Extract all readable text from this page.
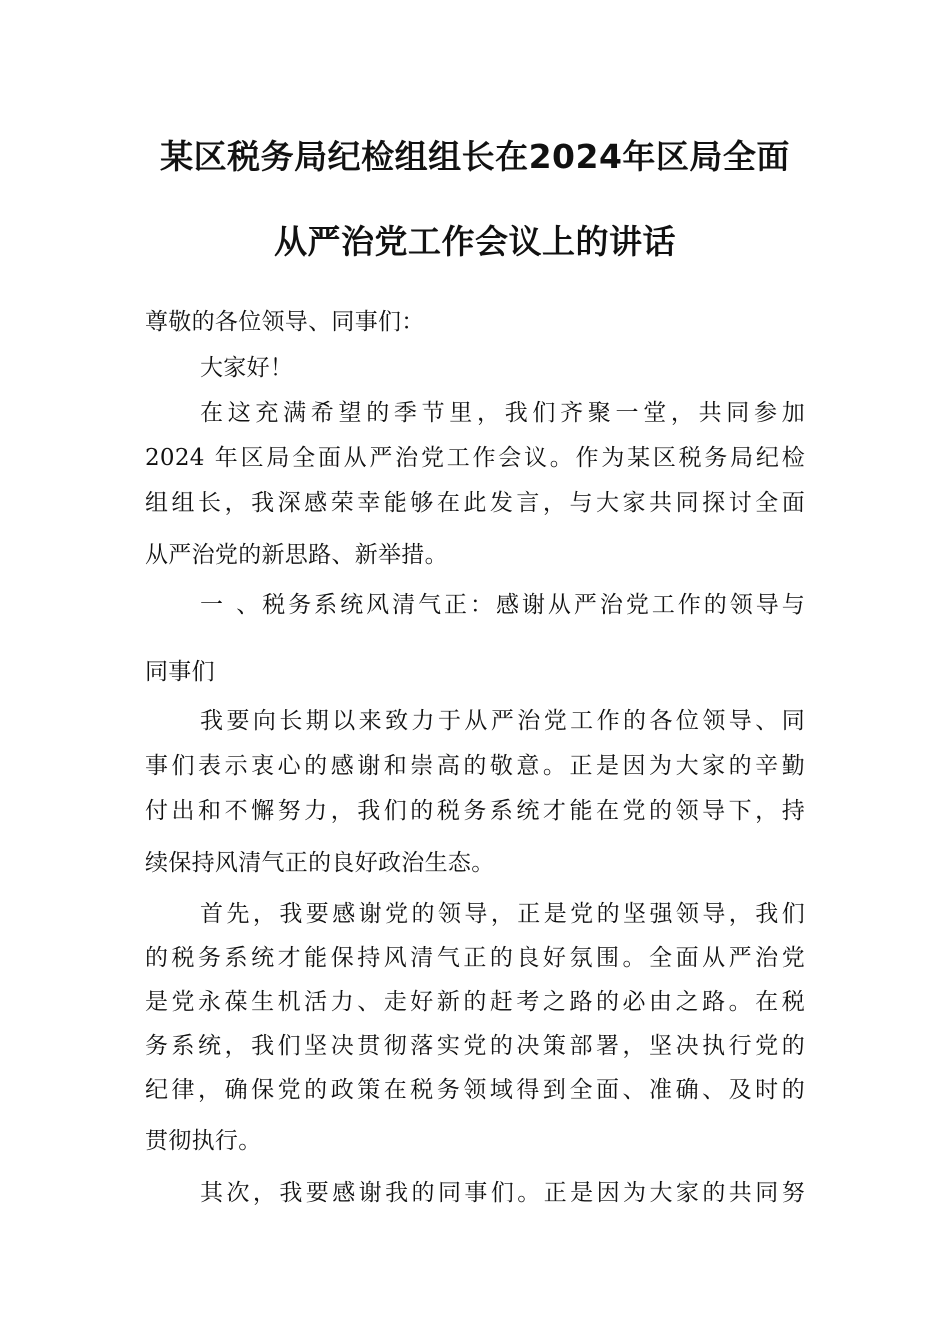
某区税务局纪检组组长在2024年区局全面
从严治党工作会议上的讲话

尊敬的各位领导、同事们：

大家好！

在这充满希望的季节里，我们齐聚一堂，共同参加

2024 年区局全面从严治党工作会议。作为某区税务局纪检

组组长，我深感荣幸能够在此发言，与大家共同探讨全面

从严治党的新思路、新举措。

一 、税务系统风清气正：感谢从严治党工作的领导与

同事们

我要向长期以来致力于从严治党工作的各位领导、同

事们表示衷心的感谢和崇高的敬意。正是因为大家的辛勤

付出和不懈努力，我们的税务系统才能在党的领导下，持

续保持风清气正的良好政治生态。

首先，我要感谢党的领导，正是党的坚强领导，我们

的税务系统才能保持风清气正的良好氛围。全面从严治党

是党永葆生机活力、走好新的赶考之路的必由之路。在税

务系统，我们坚决贯彻落实党的决策部署，坚决执行党的

纪律，确保党的政策在税务领域得到全面、准确、及时的

贯彻执行。

其次，我要感谢我的同事们。正是因为大家的共同努
